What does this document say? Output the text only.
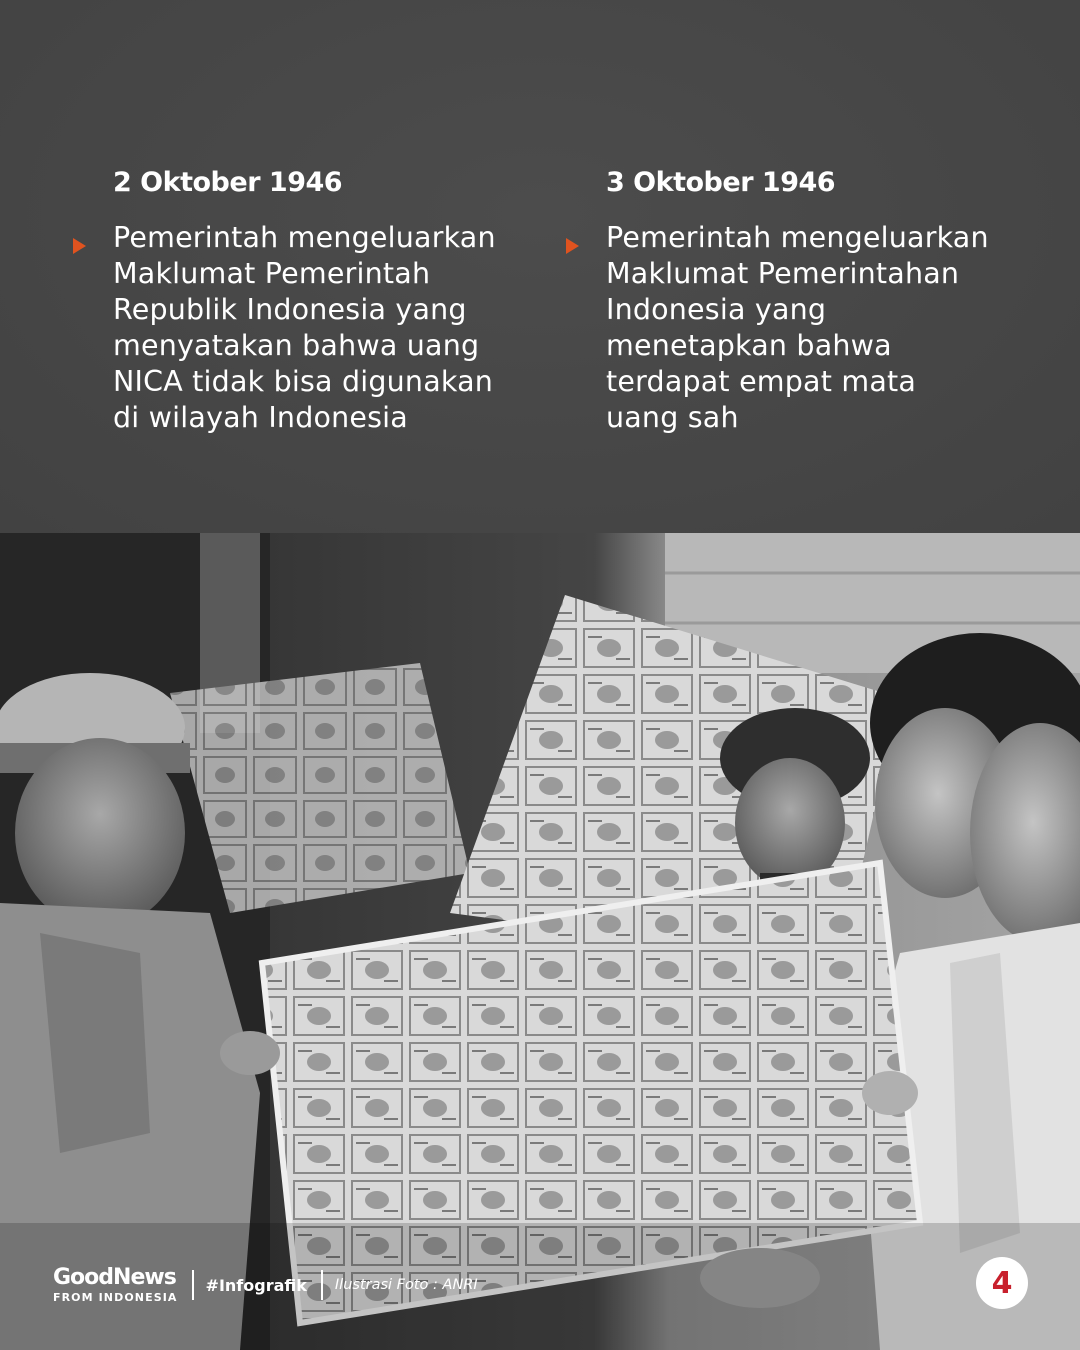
2 Oktober 1946
Pemerintah mengeluarkan
Maklumat Pemerintah
Republik Indonesia yang
menyatakan bahwa uang
NICA tidak bisa digunakan
di wilayah Indonesia
3 Oktober 1946
Pemerintah mengeluarkan
Maklumat Pemerintahan
Indonesia yang
menetapkan bahwa
terdapat empat mata
uang sah
GoodNews
FROM INDONESIA
#Infografik Ilustrasi Foto : ANRI	4
